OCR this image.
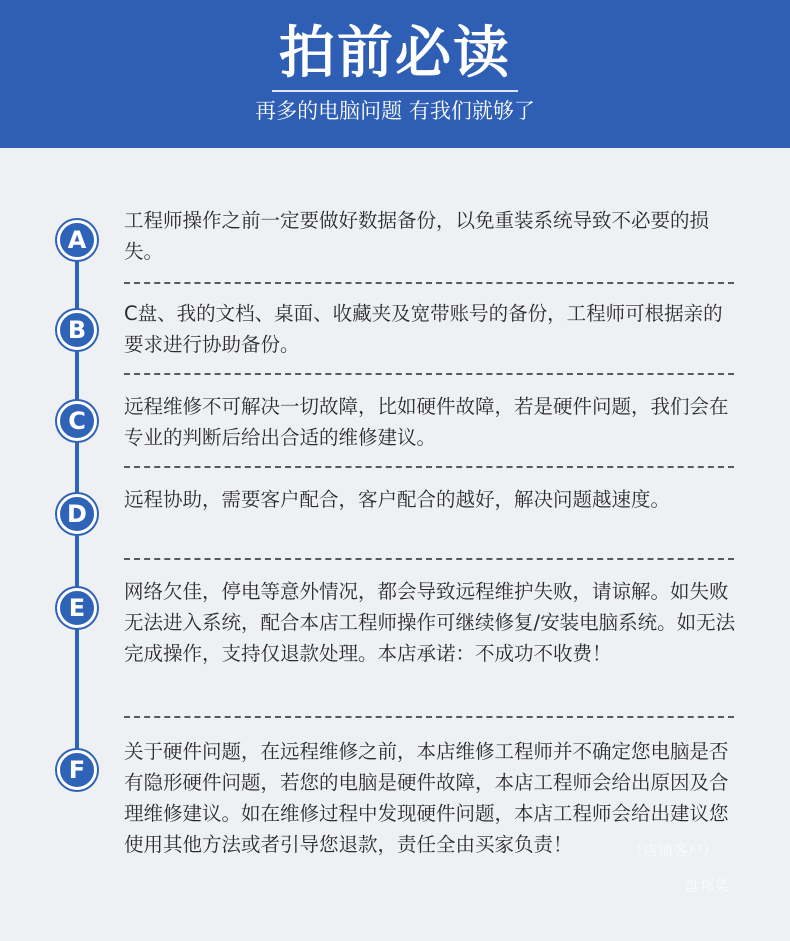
拍前必读
再多的电脑问题 有我们就够了
A
工程师操作之前一定要做好数据备份，以免重装系统导致不必要的损失。
B
C盘、我的文档、桌面、收藏夹及宽带账号的备份，工程师可根据亲的要求进行协助备份。
C
远程维修不可解决一切故障，比如硬件故障，若是硬件问题，我们会在专业的判断后给出合适的维修建议。
D
远程协助，需要客户配合，客户配合的越好，解决问题越速度。
E
网络欠佳，停电等意外情况，都会导致远程维护失败，请谅解。如失败无法进入系统，配合本店工程师操作可继续修复/安装电脑系统。如无法完成操作，支持仅退款处理。本店承诺：不成功不收费！
F
关于硬件问题，在远程维修之前，本店维修工程师并不确定您电脑是否有隐形硬件问题，若您的电脑是硬件故障，本店工程师会给出原因及合理维修建议。如在维修过程中发现硬件问题，本店工程师会给出建议您使用其他方法或者引导您退款，责任全由买家负责！	（店铺客户）
盘邦菜
